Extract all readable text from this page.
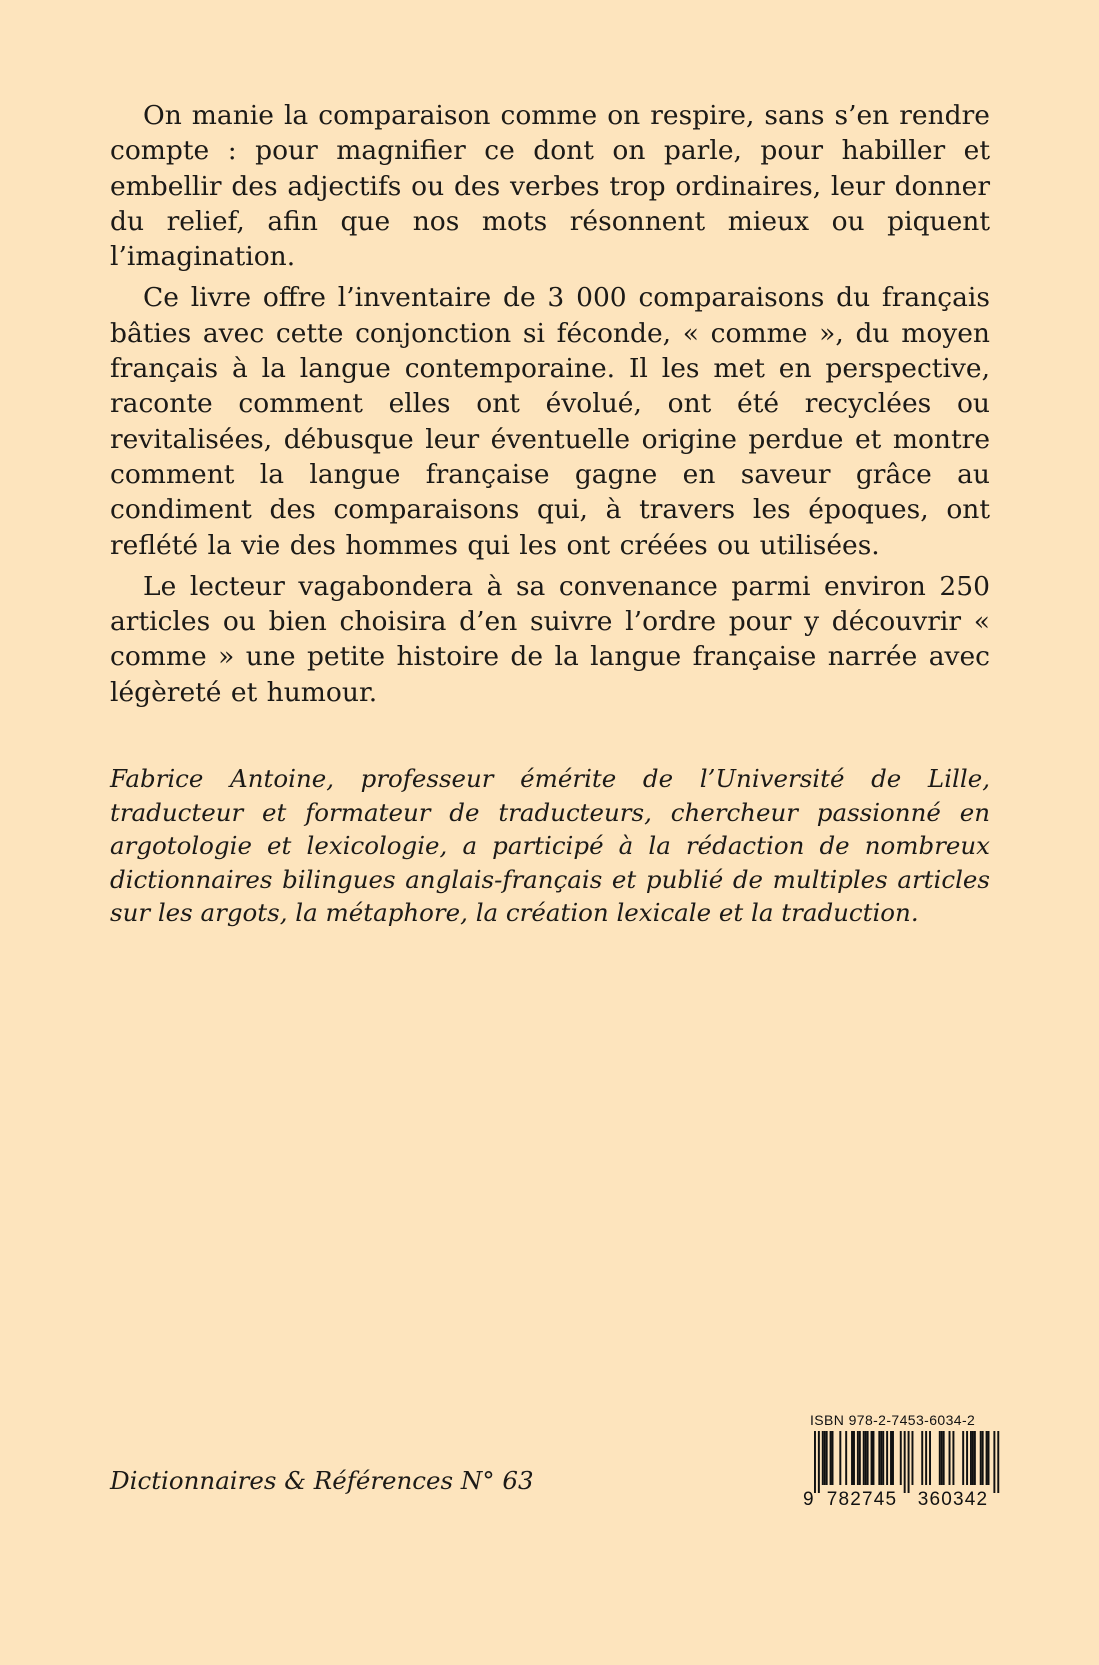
On manie la comparaison comme on respire, sans s’en rendre compte : pour magnifier ce dont on parle, pour habiller et embellir des adjectifs ou des verbes trop ordinaires, leur donner du relief, afin que nos mots résonnent mieux ou piquent l’imagination.

Ce livre offre l’inventaire de 3 000 comparaisons du français bâties avec cette conjonction si féconde, « comme », du moyen français à la langue contemporaine. Il les met en perspective, raconte comment elles ont évolué, ont été recyclées ou revitalisées, débusque leur éventuelle origine perdue et montre comment la langue française gagne en saveur grâce au condiment des comparaisons qui, à travers les époques, ont reflété la vie des hommes qui les ont créées ou utilisées.

Le lecteur vagabondera à sa convenance parmi environ 250 articles ou bien choisira d’en suivre l’ordre pour y découvrir « comme » une petite histoire de la langue française narrée avec légèreté et humour.

Fabrice Antoine, professeur émérite de l’Université de Lille, traducteur et formateur de traducteurs, chercheur passionné en argotologie et lexicologie, a participé à la rédaction de nombreux dictionnaires bilingues anglais-français et publié de multiples articles sur les argots, la métaphore, la création lexicale et la traduction.
Dictionnaires & Références N° 63
ISBN 978-2-7453-6034-2
9 782745 360342
